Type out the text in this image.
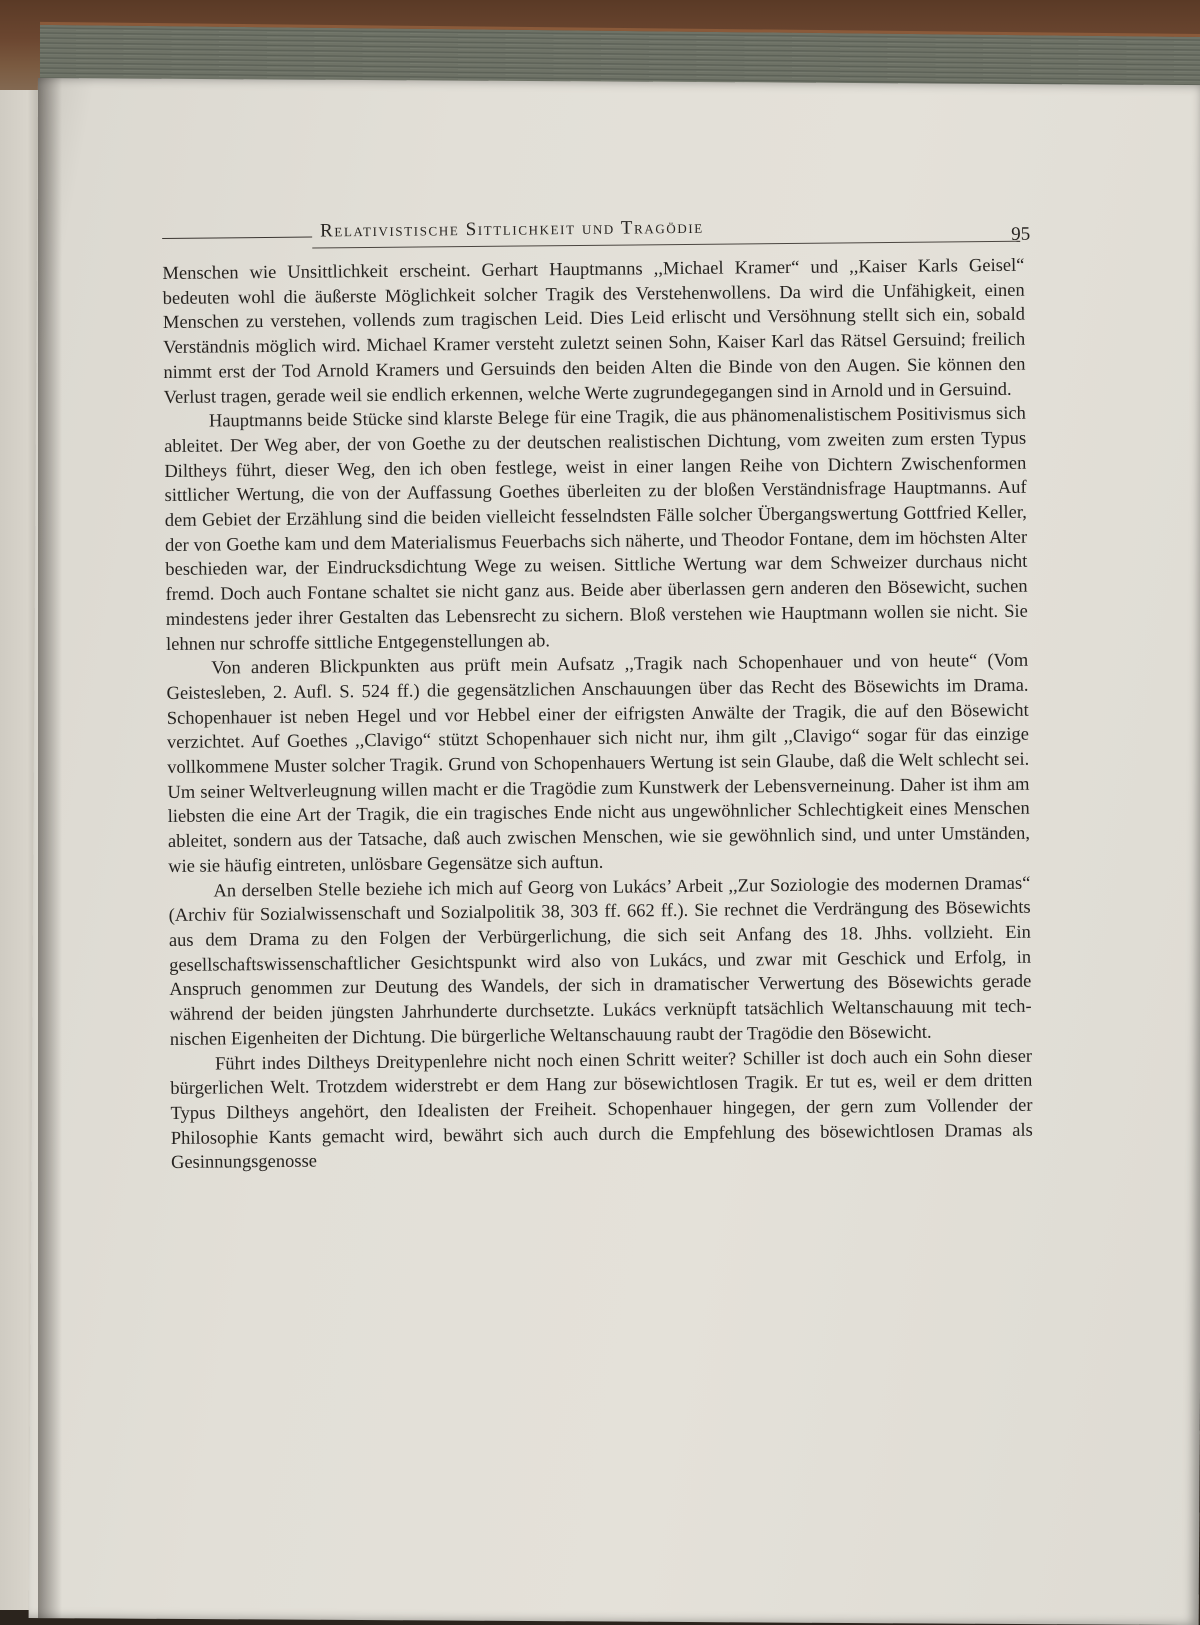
Relativistische Sittlichkeit und Tragödie	95

Menschen wie Unsittlichkeit erscheint. Gerhart Hauptmanns ,,Michael Kramer“ und ,,Kaiser Karls Geisel“ bedeuten wohl die äußerste Möglichkeit solcher Tragik des Verstehenwollens. Da wird die Unfähigkeit, einen Menschen zu verstehen, vollends zum tragischen Leid. Dies Leid erlischt und Versöhnung stellt sich ein, sobald Verständnis möglich wird. Michael Kramer versteht zuletzt seinen Sohn, Kaiser Karl das Rätsel Gersuind; freilich nimmt erst der Tod Arnold Kramers und Gersuinds den beiden Alten die Binde von den Augen. Sie können den Verlust tragen, gerade weil sie endlich erkennen, welche Werte zugrundegegangen sind in Arnold und in Gersuind.

Hauptmanns beide Stücke sind klarste Belege für eine Tragik, die aus phänomenalistischem Positivismus sich ableitet. Der Weg aber, der von Goethe zu der deutschen realistischen Dichtung, vom zweiten zum ersten Typus Diltheys führt, dieser Weg, den ich oben festlege, weist in einer langen Reihe von Dichtern Zwischenformen sittlicher Wertung, die von der Auffassung Goethes überleiten zu der bloßen Verständnisfrage Hauptmanns. Auf dem Gebiet der Erzählung sind die beiden vielleicht fesselndsten Fälle solcher Übergangswertung Gottfried Keller, der von Goethe kam und dem Materialismus Feuerbachs sich näherte, und Theodor Fontane, dem im höchsten Alter beschieden war, der Eindrucksdichtung Wege zu weisen. Sittliche Wertung war dem Schweizer durchaus nicht fremd. Doch auch Fontane schaltet sie nicht ganz aus. Beide aber überlassen gern anderen den Bösewicht, suchen mindestens jeder ihrer Gestalten das Lebensrecht zu sichern. Bloß verstehen wie Hauptmann wollen sie nicht. Sie lehnen nur schroffe sittliche Entgegenstellungen ab.

Von anderen Blickpunkten aus prüft mein Aufsatz ,,Tragik nach Schopenhauer und von heute“ (Vom Geistesleben, 2. Aufl. S. 524 ff.) die gegensätzlichen Anschauungen über das Recht des Bösewichts im Drama. Schopenhauer ist neben Hegel und vor Hebbel einer der eifrigsten Anwälte der Tragik, die auf den Bösewicht verzichtet. Auf Goethes ,,Clavigo“ stützt Schopenhauer sich nicht nur, ihm gilt ,,Clavigo“ sogar für das einzige vollkommene Muster solcher Tragik. Grund von Schopenhauers Wertung ist sein Glaube, daß die Welt schlecht sei. Um seiner Weltverleugnung willen macht er die Tragödie zum Kunstwerk der Lebensverneinung. Daher ist ihm am liebsten die eine Art der Tragik, die ein tragisches Ende nicht aus ungewöhnlicher Schlechtigkeit eines Menschen ableitet, sondern aus der Tatsache, daß auch zwischen Menschen, wie sie gewöhnlich sind, und unter Umständen, wie sie häufig eintreten, unlösbare Gegensätze sich auftun.

An derselben Stelle beziehe ich mich auf Georg von Lukács’ Arbeit ,,Zur Soziologie des modernen Dramas“ (Archiv für Sozialwissenschaft und Sozialpolitik 38, 303 ff. 662 ff.). Sie rechnet die Verdrängung des Bösewichts aus dem Drama zu den Folgen der Verbürgerlichung, die sich seit Anfang des 18. Jhhs. vollzieht. Ein gesellschaftswissenschaftlicher Gesichtspunkt wird also von Lukács, und zwar mit Geschick und Erfolg, in Anspruch genommen zur Deutung des Wandels, der sich in dramatischer Verwertung des Bösewichts gerade während der beiden jüngsten Jahrhunderte durchsetzte. Lukács verknüpft tatsächlich Weltanschauung mit technischen Eigenheiten der Dichtung. Die bürgerliche Weltanschauung raubt der Tragödie den Bösewicht.

Führt indes Diltheys Dreitypenlehre nicht noch einen Schritt weiter? Schiller ist doch auch ein Sohn dieser bürgerlichen Welt. Trotzdem widerstrebt er dem Hang zur bösewichtlosen Tragik. Er tut es, weil er dem dritten Typus Diltheys angehört, den Idealisten der Freiheit. Schopenhauer hingegen, der gern zum Vollender der Philosophie Kants gemacht wird, bewährt sich auch durch die Empfehlung des bösewichtlosen Dramas als Gesinnungsgenosse
